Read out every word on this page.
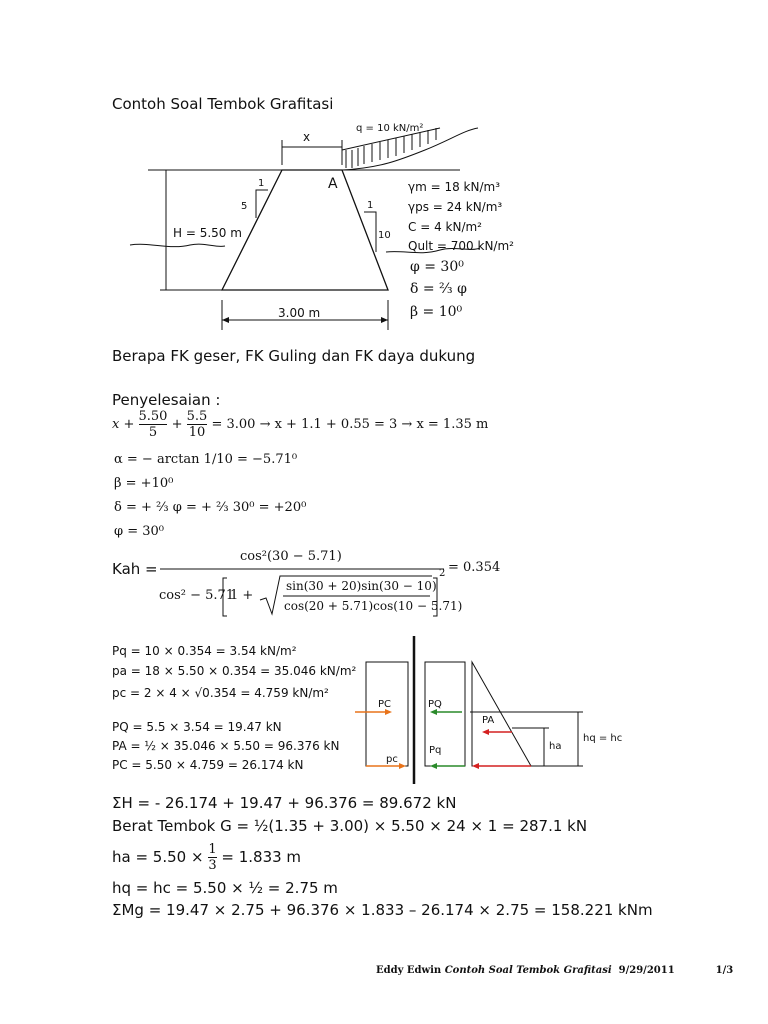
Contoh Soal Tembok Grafitasi
x
q = 10 kN/m²
A
1
5	1
10
H = 5.50 m
3.00 m
γm = 18 kN/m³
γps = 24 kN/m³
C = 4 kN/m²
Qult = 700 kN/m²
φ = 30⁰
δ = ⅔ φ
β = 10⁰
Berapa FK geser, FK Guling dan FK daya dukung
Penyelesaian :
$x + \frac{5.50}{5} + \frac{5.5}{10} = 3.00 \to x + 1.1 + 0.55 = 3 \to x = 1.35$ m
α = − arctan 1/10 = −5.71⁰
β = +10⁰
δ = + ⅔ φ = + ⅔ 30⁰ = +20⁰
φ = 30⁰
Kah =
cos²(30 − 5.71)
cos² − 5.71
1 +
sin(30 + 20)sin(30 − 10)
cos(20 + 5.71)cos(10 − 5.71)
2 = 0.354
Pq = 10 × 0.354 = 3.54 kN/m²
pa = 18 × 5.50 × 0.354 = 35.046 kN/m²
pc = 2 × 4 × √0.354 = 4.759 kN/m²
PQ = 5.5 × 3.54 = 19.47 kN
PA = ½ × 35.046 × 5.50 = 96.376 kN
PC = 5.50 × 4.759 = 26.174 kN
PC
pc
PQ
Pq
PA
ha
hq = hc
ΣH = - 26.174 + 19.47 + 96.376 = 89.672 kN
Berat Tembok G = ½(1.35 + 3.00) × 5.50 × 24 × 1 = 287.1 kN
ha = $5.50 \times \frac{1}{3} = 1.833$ m
hq = hc = 5.50 × ½ = 2.75 m
ΣMg = 19.47 × 2.75 + 96.376 × 1.833 – 26.174 × 2.75 = 158.221 kNm
Eddy Edwin Contoh Soal Tembok Grafitasi 9/29/2011	1/3
